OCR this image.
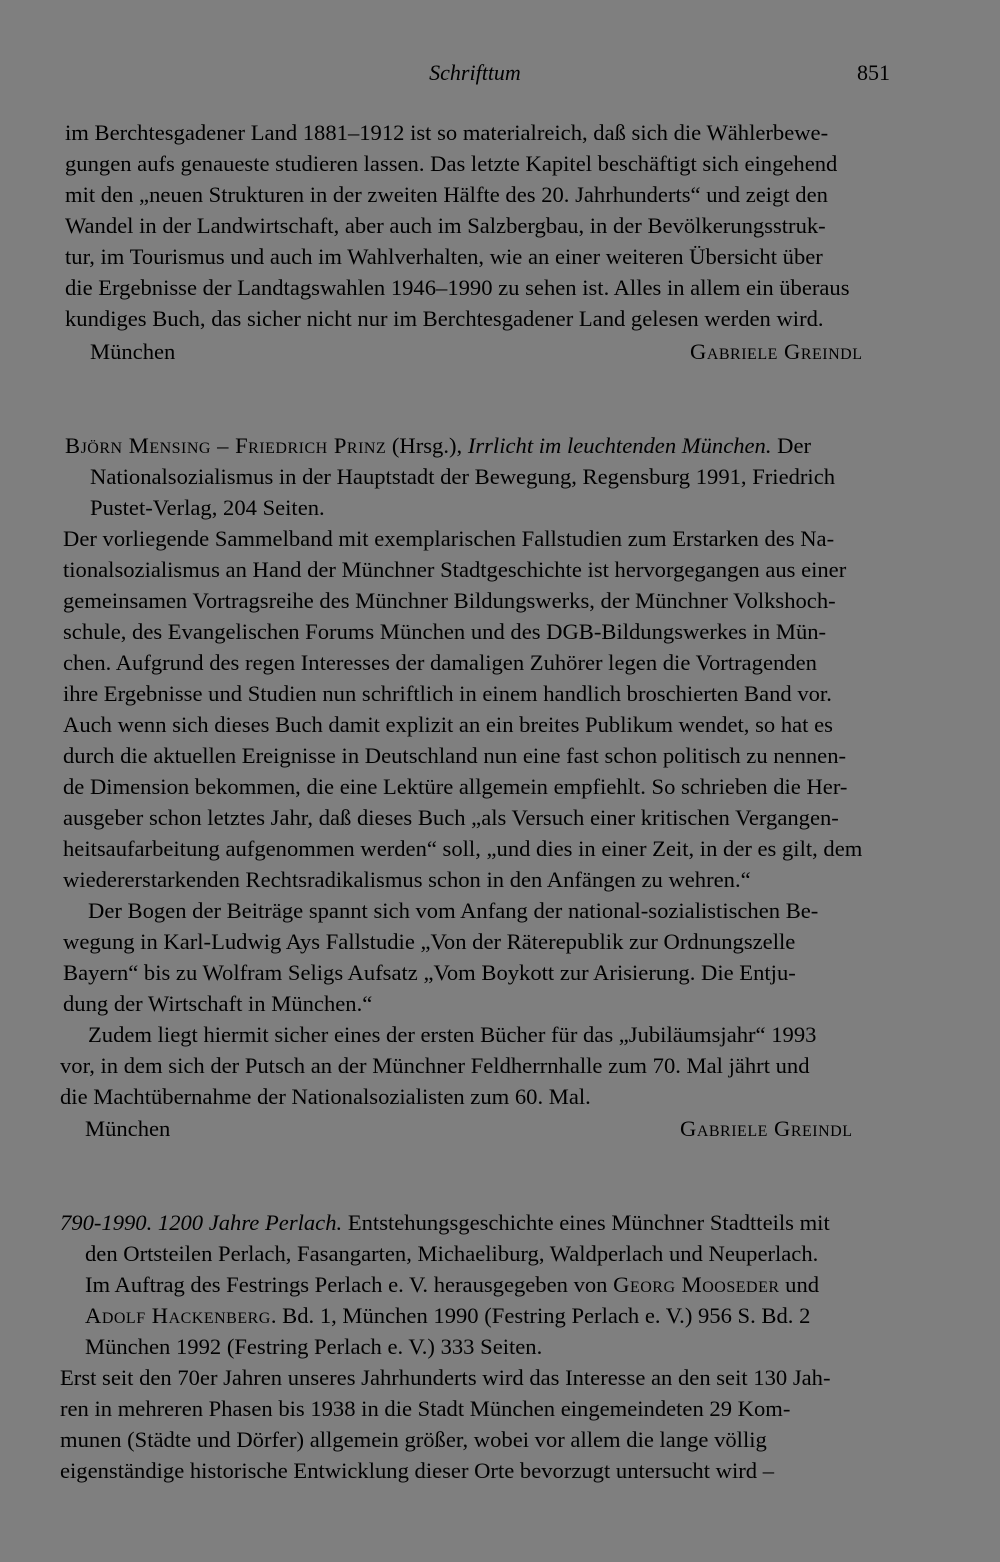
Schrifttum	851
im Berchtesgadener Land 1881–1912 ist so materialreich, daß sich die Wählerbewe-
gungen aufs genaueste studieren lassen. Das letzte Kapitel beschäftigt sich eingehend
mit den „neuen Strukturen in der zweiten Hälfte des 20. Jahrhunderts“ und zeigt den
Wandel in der Landwirtschaft, aber auch im Salzbergbau, in der Bevölkerungsstruk-
tur, im Tourismus und auch im Wahlverhalten, wie an einer weiteren Übersicht über
die Ergebnisse der Landtagswahlen 1946–1990 zu sehen ist. Alles in allem ein überaus
kundiges Buch, das sicher nicht nur im Berchtesgadener Land gelesen werden wird.
München	Gabriele Greindl
Björn Mensing – Friedrich Prinz (Hrsg.), Irrlicht im leuchtenden München. Der
Nationalsozialismus in der Hauptstadt der Bewegung, Regensburg 1991, Friedrich
Pustet-Verlag, 204 Seiten.
Der vorliegende Sammelband mit exemplarischen Fallstudien zum Erstarken des Na-
tionalsozialismus an Hand der Münchner Stadtgeschichte ist hervorgegangen aus einer
gemeinsamen Vortragsreihe des Münchner Bildungswerks, der Münchner Volkshoch-
schule, des Evangelischen Forums München und des DGB-Bildungswerkes in Mün-
chen. Aufgrund des regen Interesses der damaligen Zuhörer legen die Vortragenden
ihre Ergebnisse und Studien nun schriftlich in einem handlich broschierten Band vor.
Auch wenn sich dieses Buch damit explizit an ein breites Publikum wendet, so hat es
durch die aktuellen Ereignisse in Deutschland nun eine fast schon politisch zu nennen-
de Dimension bekommen, die eine Lektüre allgemein empfiehlt. So schrieben die Her-
ausgeber schon letztes Jahr, daß dieses Buch „als Versuch einer kritischen Vergangen-
heitsaufarbeitung aufgenommen werden“ soll, „und dies in einer Zeit, in der es gilt, dem
wiedererstarkenden Rechtsradikalismus schon in den Anfängen zu wehren.“
Der Bogen der Beiträge spannt sich vom Anfang der national-sozialistischen Be-
wegung in Karl-Ludwig Ays Fallstudie „Von der Räterepublik zur Ordnungszelle
Bayern“ bis zu Wolfram Seligs Aufsatz „Vom Boykott zur Arisierung. Die Entju-
dung der Wirtschaft in München.“
Zudem liegt hiermit sicher eines der ersten Bücher für das „Jubiläumsjahr“ 1993
vor, in dem sich der Putsch an der Münchner Feldherrnhalle zum 70. Mal jährt und
die Machtübernahme der Nationalsozialisten zum 60. Mal.
München	Gabriele Greindl
790-1990. 1200 Jahre Perlach. Entstehungsgeschichte eines Münchner Stadtteils mit
den Ortsteilen Perlach, Fasangarten, Michaeliburg, Waldperlach und Neuperlach.
Im Auftrag des Festrings Perlach e. V. herausgegeben von Georg Mooseder und
Adolf Hackenberg. Bd. 1, München 1990 (Festring Perlach e. V.) 956 S. Bd. 2
München 1992 (Festring Perlach e. V.) 333 Seiten.
Erst seit den 70er Jahren unseres Jahrhunderts wird das Interesse an den seit 130 Jah-
ren in mehreren Phasen bis 1938 in die Stadt München eingemeindeten 29 Kom-
munen (Städte und Dörfer) allgemein größer, wobei vor allem die lange völlig
eigenständige historische Entwicklung dieser Orte bevorzugt untersucht wird –
